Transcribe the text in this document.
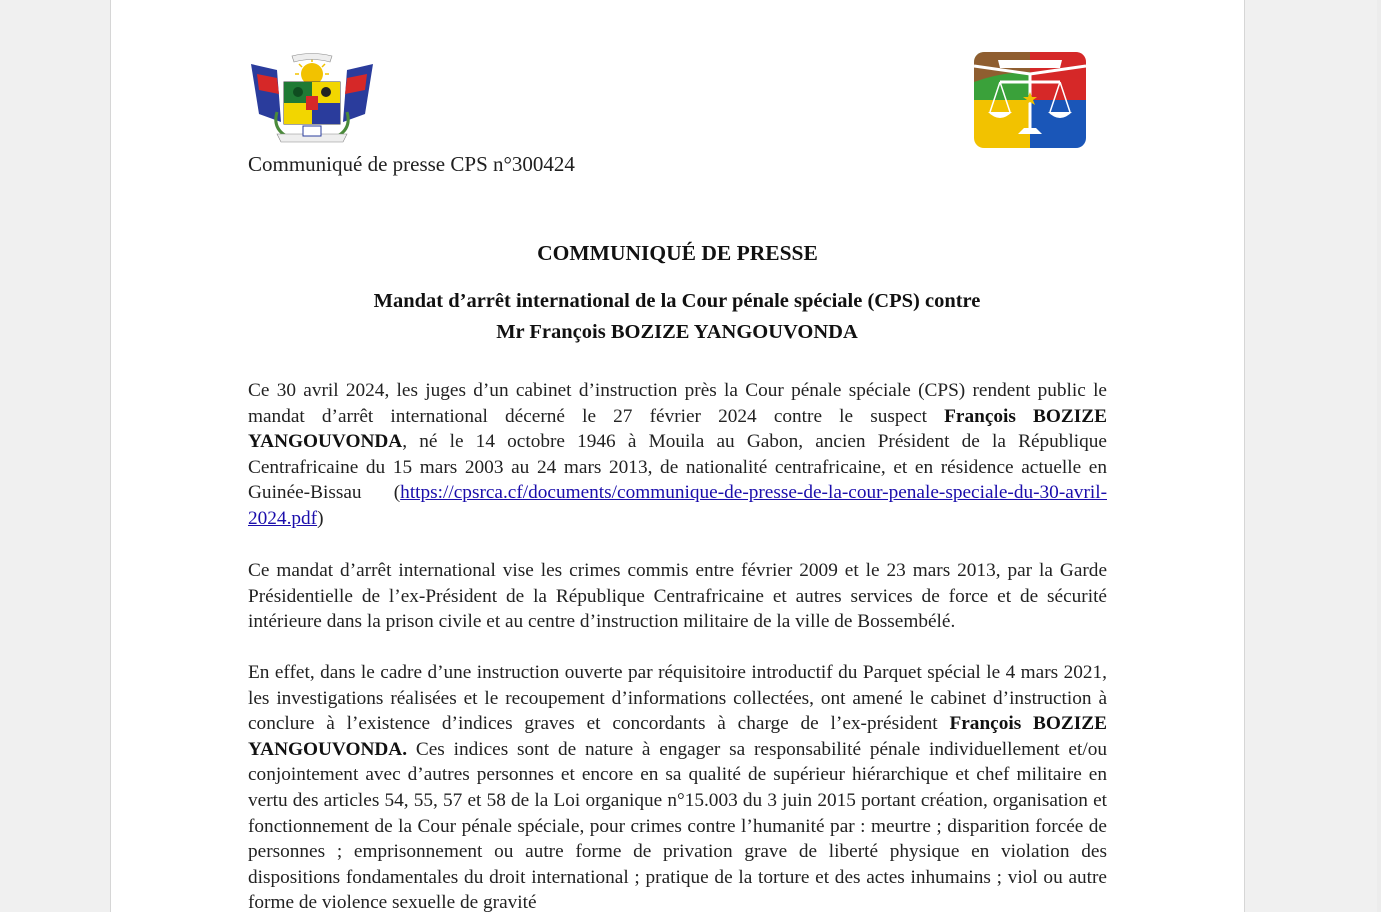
Communiqué de presse CPS n°300424
COMMUNIQUÉ DE PRESSE
Mandat d’arrêt international de la Cour pénale spéciale (CPS) contre
Mr François BOZIZE YANGOUVONDA

Ce 30 avril 2024, les juges d’un cabinet d’instruction près la Cour pénale spéciale (CPS) rendent public le mandat d’arrêt international décerné le 27 février 2024 contre le suspect François BOZIZE YANGOUVONDA, né le 14 octobre 1946 à Mouila au Gabon, ancien Président de la République Centrafricaine du 15 mars 2003 au 24 mars 2013, de nationalité centrafricaine, et en résidence actuelle en Guinée-Bissau (https://cpsrca.cf/documents/communique-de-presse-de-la-cour-penale-speciale-du-30-avril-2024.pdf)

Ce mandat d’arrêt international vise les crimes commis entre février 2009 et le 23 mars 2013, par la Garde Présidentielle de l’ex-Président de la République Centrafricaine et autres services de force et de sécurité intérieure dans la prison civile et au centre d’instruction militaire de la ville de Bossembélé.

En effet, dans le cadre d’une instruction ouverte par réquisitoire introductif du Parquet spécial le 4 mars 2021, les investigations réalisées et le recoupement d’informations collectées, ont amené le cabinet d’instruction à conclure à l’existence d’indices graves et concordants à charge de l’ex-président François BOZIZE YANGOUVONDA. Ces indices sont de nature à engager sa responsabilité pénale individuellement et/ou conjointement avec d’autres personnes et encore en sa qualité de supérieur hiérarchique et chef militaire en vertu des articles 54, 55, 57 et 58 de la Loi organique n°15.003 du 3 juin 2015 portant création, organisation et fonctionnement de la Cour pénale spéciale, pour crimes contre l’humanité par : meurtre ; disparition forcée de personnes ; emprisonnement ou autre forme de privation grave de liberté physique en violation des dispositions fondamentales du droit international ; pratique de la torture et des actes inhumains ; viol ou autre forme de violence sexuelle de gravité
